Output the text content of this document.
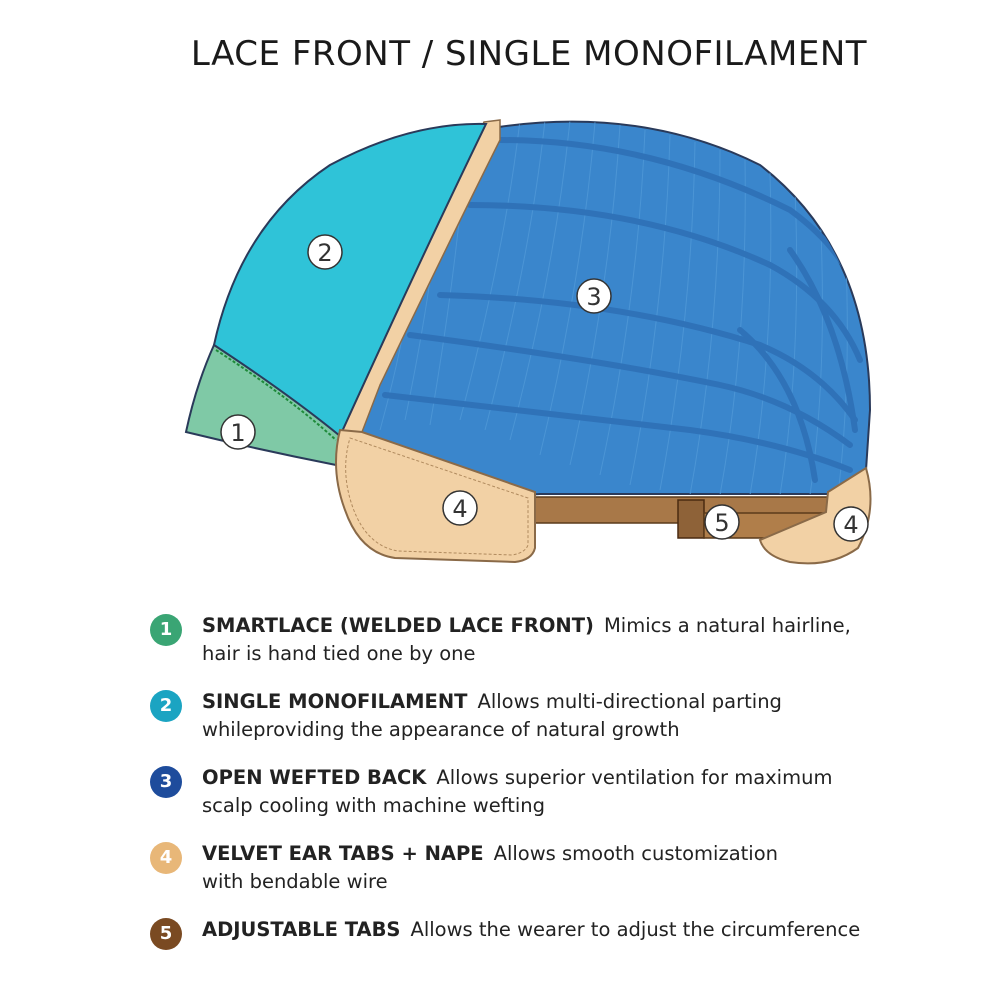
LACE FRONT / SINGLE MONOFILAMENT
1
2
3
4	5	4
1	SMARTLACE (WELDED LACE FRONT) Mimics a natural hairline,
hair is hand tied one by one
2	SINGLE MONOFILAMENT Allows multi-directional parting
whileproviding the appearance of natural growth
3	OPEN WEFTED BACK Allows superior ventilation for maximum
scalp cooling with machine wefting
4	VELVET EAR TABS + NAPE Allows smooth customization
with bendable wire
5	ADJUSTABLE TABS Allows the wearer to adjust the circumference
